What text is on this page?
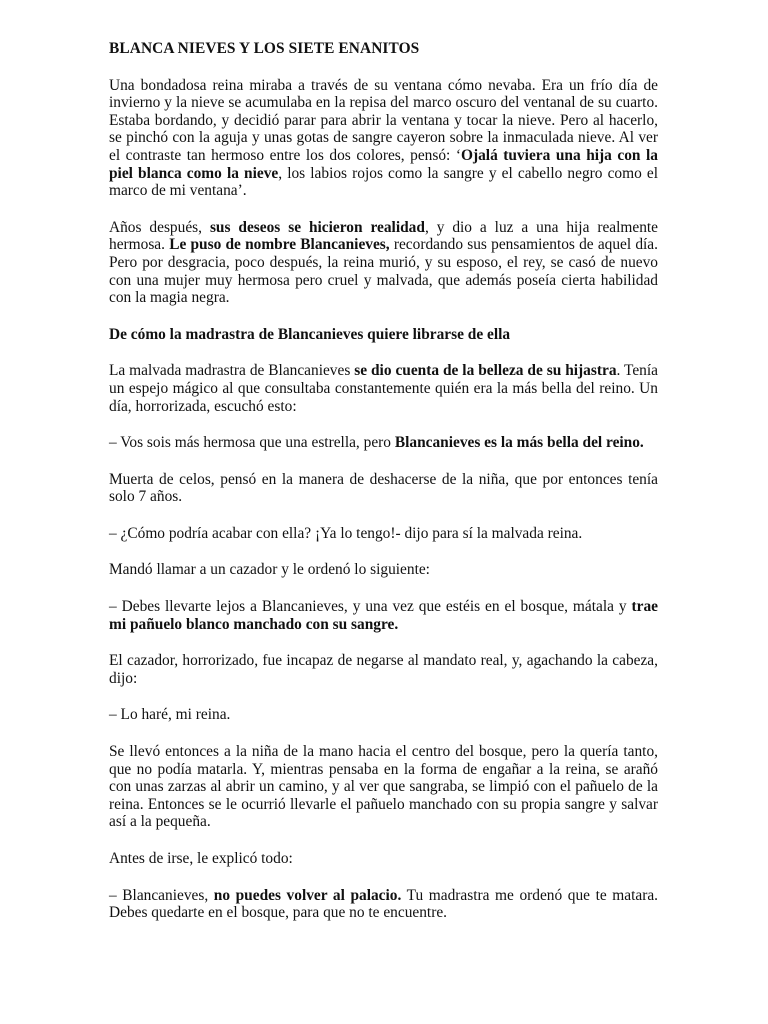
BLANCA NIEVES Y LOS SIETE ENANITOS

Una bondadosa reina miraba a través de su ventana cómo nevaba. Era un frío día de invierno y la nieve se acumulaba en la repisa del marco oscuro del ventanal de su cuarto. Estaba bordando, y decidió parar para abrir la ventana y tocar la nieve. Pero al hacerlo, se pinchó con la aguja y unas gotas de sangre cayeron sobre la inmaculada nieve. Al ver el contraste tan hermoso entre los dos colores, pensó: ‘Ojalá tuviera una hija con la piel blanca como la nieve, los labios rojos como la sangre y el cabello negro como el marco de mi ventana’.

Años después, sus deseos se hicieron realidad, y dio a luz a una hija realmente hermosa. Le puso de nombre Blancanieves, recordando sus pensamientos de aquel día. Pero por desgracia, poco después, la reina murió, y su esposo, el rey, se casó de nuevo con una mujer muy hermosa pero cruel y malvada, que además poseía cierta habilidad con la magia negra.

De cómo la madrastra de Blancanieves quiere librarse de ella

La malvada madrastra de Blancanieves se dio cuenta de la belleza de su hijastra. Tenía un espejo mágico al que consultaba constantemente quién era la más bella del reino. Un día, horrorizada, escuchó esto:

– Vos sois más hermosa que una estrella, pero Blancanieves es la más bella del reino.

Muerta de celos, pensó en la manera de deshacerse de la niña, que por entonces tenía solo 7 años.

– ¿Cómo podría acabar con ella? ¡Ya lo tengo!- dijo para sí la malvada reina.

Mandó llamar a un cazador y le ordenó lo siguiente:

– Debes llevarte lejos a Blancanieves, y una vez que estéis en el bosque, mátala y trae mi pañuelo blanco manchado con su sangre.

El cazador, horrorizado, fue incapaz de negarse al mandato real, y, agachando la cabeza, dijo:

– Lo haré, mi reina.

Se llevó entonces a la niña de la mano hacia el centro del bosque, pero la quería tanto, que no podía matarla. Y, mientras pensaba en la forma de engañar a la reina, se arañó con unas zarzas al abrir un camino, y al ver que sangraba, se limpió con el pañuelo de la reina. Entonces se le ocurrió llevarle el pañuelo manchado con su propia sangre y salvar así a la pequeña.

Antes de irse, le explicó todo:

– Blancanieves, no puedes volver al palacio. Tu madrastra me ordenó que te matara. Debes quedarte en el bosque, para que no te encuentre.
